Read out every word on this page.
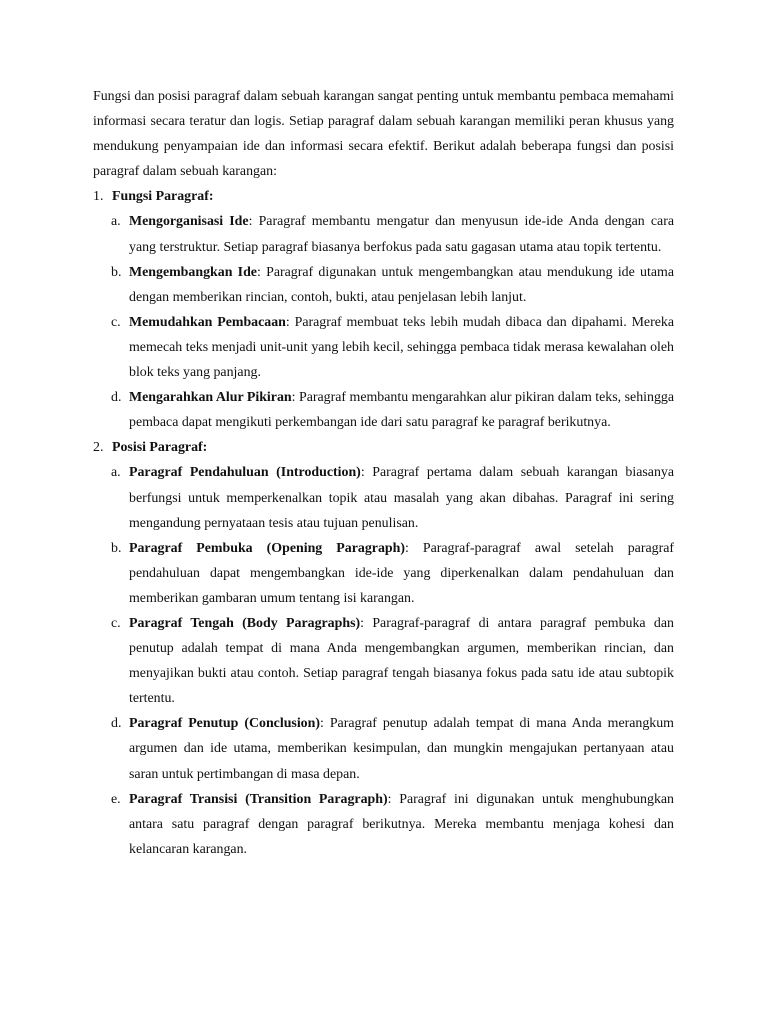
Fungsi dan posisi paragraf dalam sebuah karangan sangat penting untuk membantu pembaca memahami informasi secara teratur dan logis. Setiap paragraf dalam sebuah karangan memiliki peran khusus yang mendukung penyampaian ide dan informasi secara efektif. Berikut adalah beberapa fungsi dan posisi paragraf dalam sebuah karangan:

1. Fungsi Paragraf:
a. Mengorganisasi Ide: Paragraf membantu mengatur dan menyusun ide-ide Anda dengan cara yang terstruktur. Setiap paragraf biasanya berfokus pada satu gagasan utama atau topik tertentu.
b. Mengembangkan Ide: Paragraf digunakan untuk mengembangkan atau mendukung ide utama dengan memberikan rincian, contoh, bukti, atau penjelasan lebih lanjut.
c. Memudahkan Pembacaan: Paragraf membuat teks lebih mudah dibaca dan dipahami. Mereka memecah teks menjadi unit-unit yang lebih kecil, sehingga pembaca tidak merasa kewalahan oleh blok teks yang panjang.
d. Mengarahkan Alur Pikiran: Paragraf membantu mengarahkan alur pikiran dalam teks, sehingga pembaca dapat mengikuti perkembangan ide dari satu paragraf ke paragraf berikutnya.
2. Posisi Paragraf:
a. Paragraf Pendahuluan (Introduction): Paragraf pertama dalam sebuah karangan biasanya berfungsi untuk memperkenalkan topik atau masalah yang akan dibahas. Paragraf ini sering mengandung pernyataan tesis atau tujuan penulisan.
b. Paragraf Pembuka (Opening Paragraph): Paragraf-paragraf awal setelah paragraf pendahuluan dapat mengembangkan ide-ide yang diperkenalkan dalam pendahuluan dan memberikan gambaran umum tentang isi karangan.
c. Paragraf Tengah (Body Paragraphs): Paragraf-paragraf di antara paragraf pembuka dan penutup adalah tempat di mana Anda mengembangkan argumen, memberikan rincian, dan menyajikan bukti atau contoh. Setiap paragraf tengah biasanya fokus pada satu ide atau subtopik tertentu.
d. Paragraf Penutup (Conclusion): Paragraf penutup adalah tempat di mana Anda merangkum argumen dan ide utama, memberikan kesimpulan, dan mungkin mengajukan pertanyaan atau saran untuk pertimbangan di masa depan.
e. Paragraf Transisi (Transition Paragraph): Paragraf ini digunakan untuk menghubungkan antara satu paragraf dengan paragraf berikutnya. Mereka membantu menjaga kohesi dan kelancaran karangan.
